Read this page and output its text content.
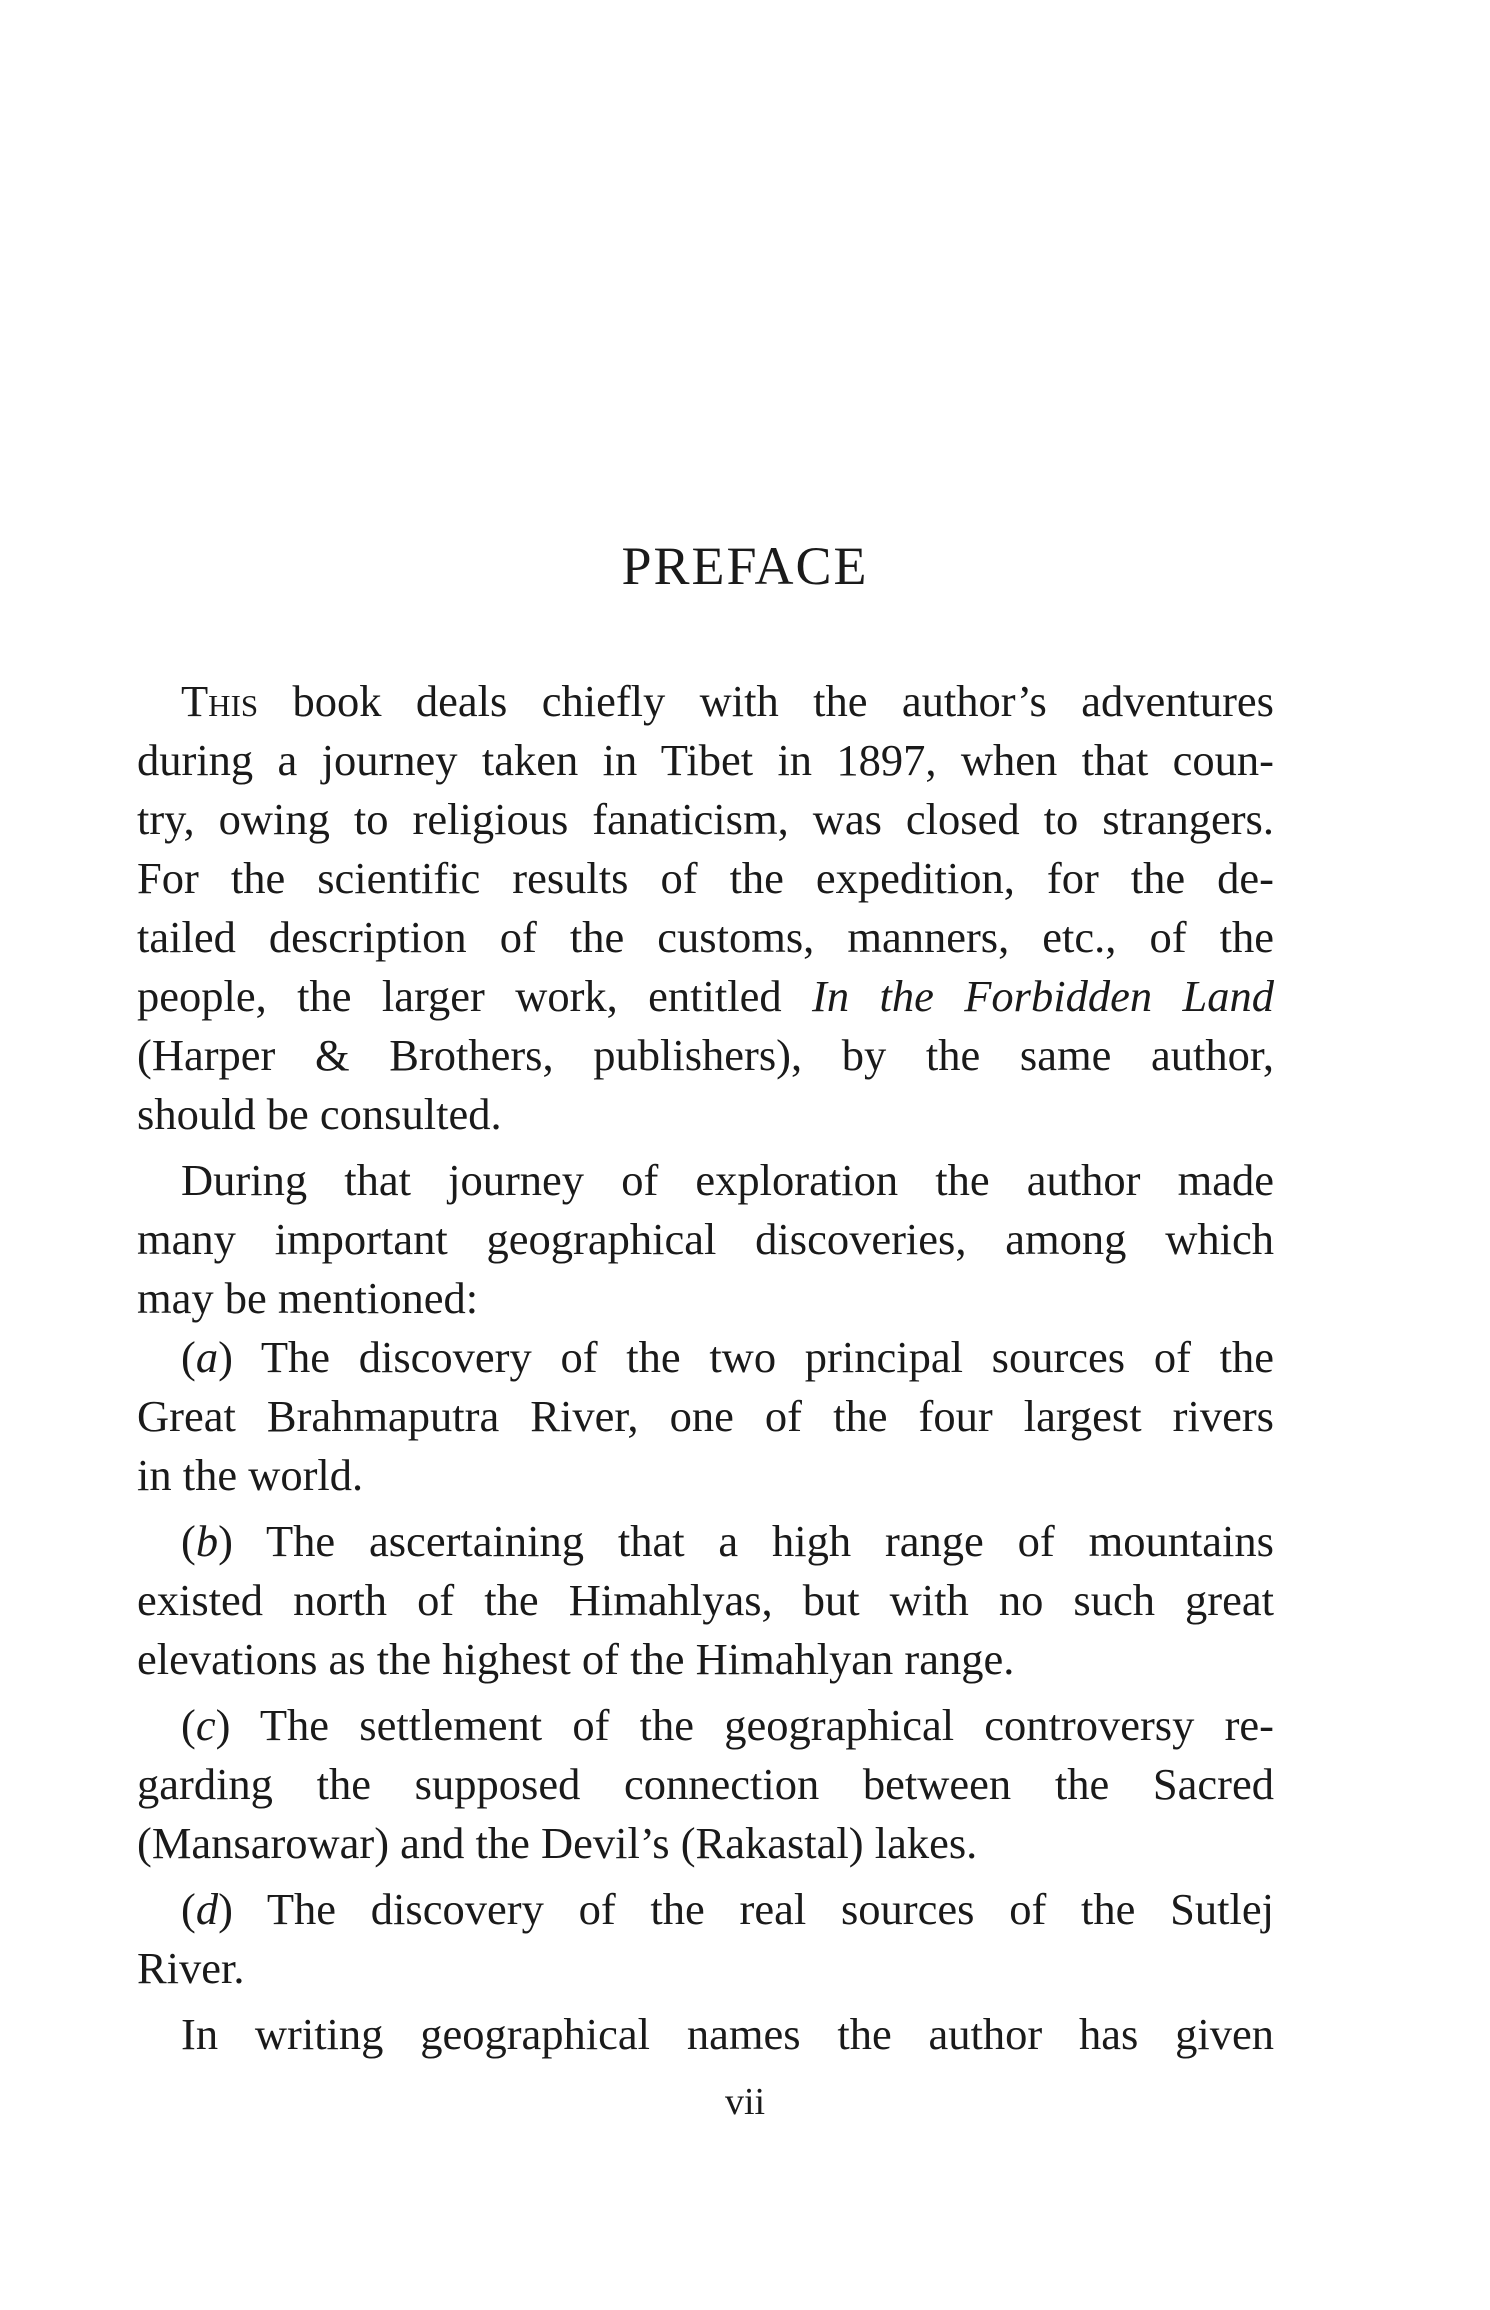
PREFACE
This book deals chiefly with the author’s adventures
during a journey taken in Tibet in 1897, when that coun-
try, owing to religious fanaticism, was closed to strangers.
For the scientific results of the expedition, for the de-
tailed description of the customs, manners, etc., of the
people, the larger work, entitled In the Forbidden Land
(Harper & Brothers, publishers), by the same author,
should be consulted.
During that journey of exploration the author made
many important geographical discoveries, among which
may be mentioned:
(a) The discovery of the two principal sources of the
Great Brahmaputra River, one of the four largest rivers
in the world.
(b) The ascertaining that a high range of mountains
existed north of the Himahlyas, but with no such great
elevations as the highest of the Himahlyan range.
(c) The settlement of the geographical controversy re-
garding the supposed connection between the Sacred
(Mansarowar) and the Devil’s (Rakastal) lakes.
(d) The discovery of the real sources of the Sutlej
River.
In writing geographical names the author has given
vii
